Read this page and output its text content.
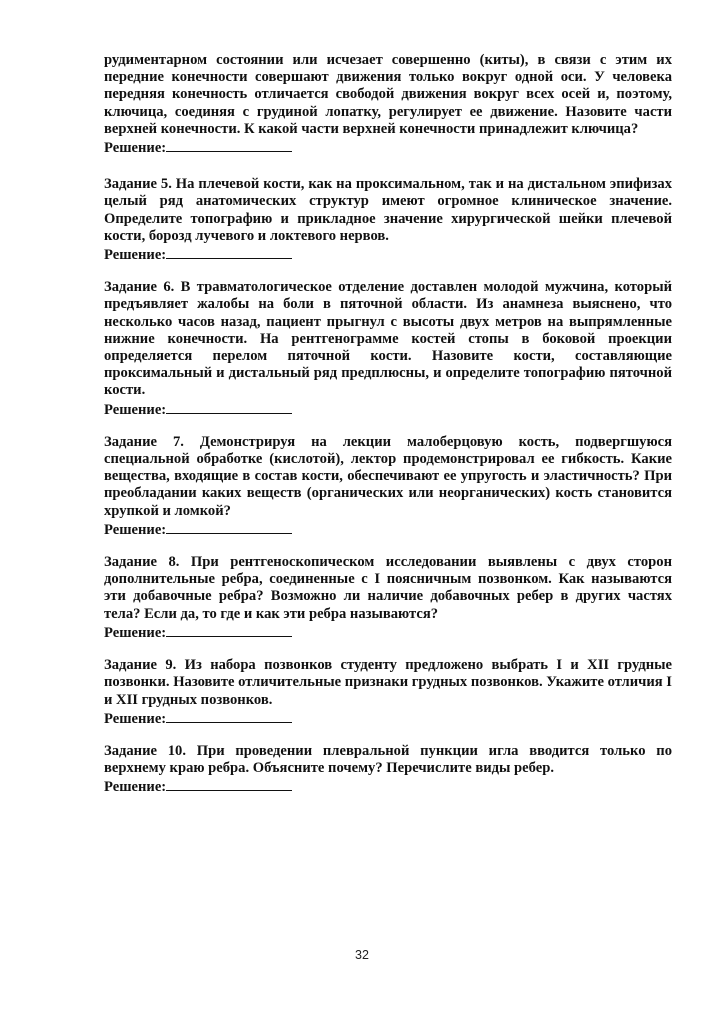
рудиментарном состоянии или исчезает совершенно (киты), в связи с этим их передние конечности совершают движения только вокруг одной оси. У человека передняя конечность отличается свободой движения вокруг всех осей и, поэтому, ключица, соединяя с грудиной лопатку, регулирует ее движение. Назовите части верхней конечности. К какой части верхней конечности принадлежит ключица?

Решение:

Задание 5. На плечевой кости, как на проксимальном, так и на дистальном эпифизах целый ряд анатомических структур имеют огромное клиническое значение. Определите топографию и прикладное значение хирургической шейки плечевой кости, борозд лучевого и локтевого нервов.

Решение:

Задание 6. В травматологическое отделение доставлен молодой мужчина, который предъявляет жалобы на боли в пяточной области. Из анамнеза выяснено, что несколько часов назад, пациент прыгнул с высоты двух метров на выпрямленные нижние конечности. На рентгенограмме костей стопы в боковой проекции определяется перелом пяточной кости. Назовите кости, составляющие проксимальный и дистальный ряд предплюсны, и определите топографию пяточной кости.

Решение:

Задание 7. Демонстрируя на лекции малоберцовую кость, подвергшуюся специальной обработке (кислотой), лектор продемонстрировал ее гибкость. Какие вещества, входящие в состав кости, обеспечивают ее упругость и эластичность? При преобладании каких веществ (органических или неорганических) кость становится хрупкой и ломкой?

Решение:

Задание 8. При рентгеноскопическом исследовании выявлены с двух сторон дополнительные ребра, соединенные с I поясничным позвонком. Как называются эти добавочные ребра? Возможно ли наличие добавочных ребер в других частях тела? Если да, то где и как эти ребра называются?

Решение:

Задание 9. Из набора позвонков студенту предложено выбрать I и XII грудные позвонки. Назовите отличительные признаки грудных позвонков. Укажите отличия I и XII грудных позвонков.

Решение:

Задание 10. При проведении плевральной пункции игла вводится только по верхнему краю ребра. Объясните почему? Перечислите виды ребер.

Решение:

32
